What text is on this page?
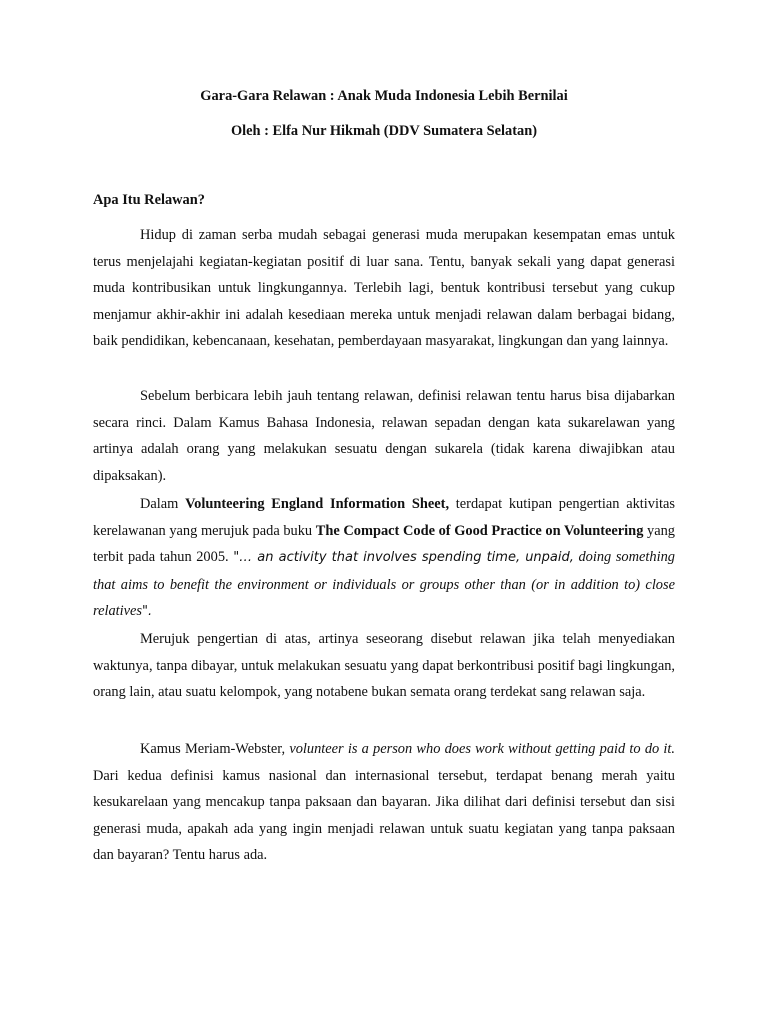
Gara-Gara Relawan : Anak Muda Indonesia Lebih Bernilai
Oleh : Elfa Nur Hikmah (DDV Sumatera Selatan)
Apa Itu Relawan?

Hidup di zaman serba mudah sebagai generasi muda merupakan kesempatan emas untuk terus menjelajahi kegiatan-kegiatan positif di luar sana. Tentu, banyak sekali yang dapat generasi muda kontribusikan untuk lingkungannya. Terlebih lagi, bentuk kontribusi tersebut yang cukup menjamur akhir-akhir ini adalah kesediaan mereka untuk menjadi relawan dalam berbagai bidang, baik pendidikan, kebencanaan, kesehatan, pemberdayaan masyarakat, lingkungan dan yang lainnya.

Sebelum berbicara lebih jauh tentang relawan, definisi relawan tentu harus bisa dijabarkan secara rinci. Dalam Kamus Bahasa Indonesia, relawan sepadan dengan kata sukarelawan yang artinya adalah orang yang melakukan sesuatu dengan sukarela (tidak karena diwajibkan atau dipaksakan).

Dalam Volunteering England Information Sheet, terdapat kutipan pengertian aktivitas kerelawanan yang merujuk pada buku The Compact Code of Good Practice on Volunteering yang terbit pada tahun 2005. "… an activity that involves spending time, unpaid, doing something that aims to benefit the environment or individuals or groups other than (or in addition to) close relatives".

Merujuk pengertian di atas, artinya seseorang disebut relawan jika telah menyediakan waktunya, tanpa dibayar, untuk melakukan sesuatu yang dapat berkontribusi positif bagi lingkungan, orang lain, atau suatu kelompok, yang notabene bukan semata orang terdekat sang relawan saja.

Kamus Meriam-Webster, volunteer is a person who does work without getting paid to do it. Dari kedua definisi kamus nasional dan internasional tersebut, terdapat benang merah yaitu kesukarelaan yang mencakup tanpa paksaan dan bayaran. Jika dilihat dari definisi tersebut dan sisi generasi muda, apakah ada yang ingin menjadi relawan untuk suatu kegiatan yang tanpa paksaan dan bayaran? Tentu harus ada.
